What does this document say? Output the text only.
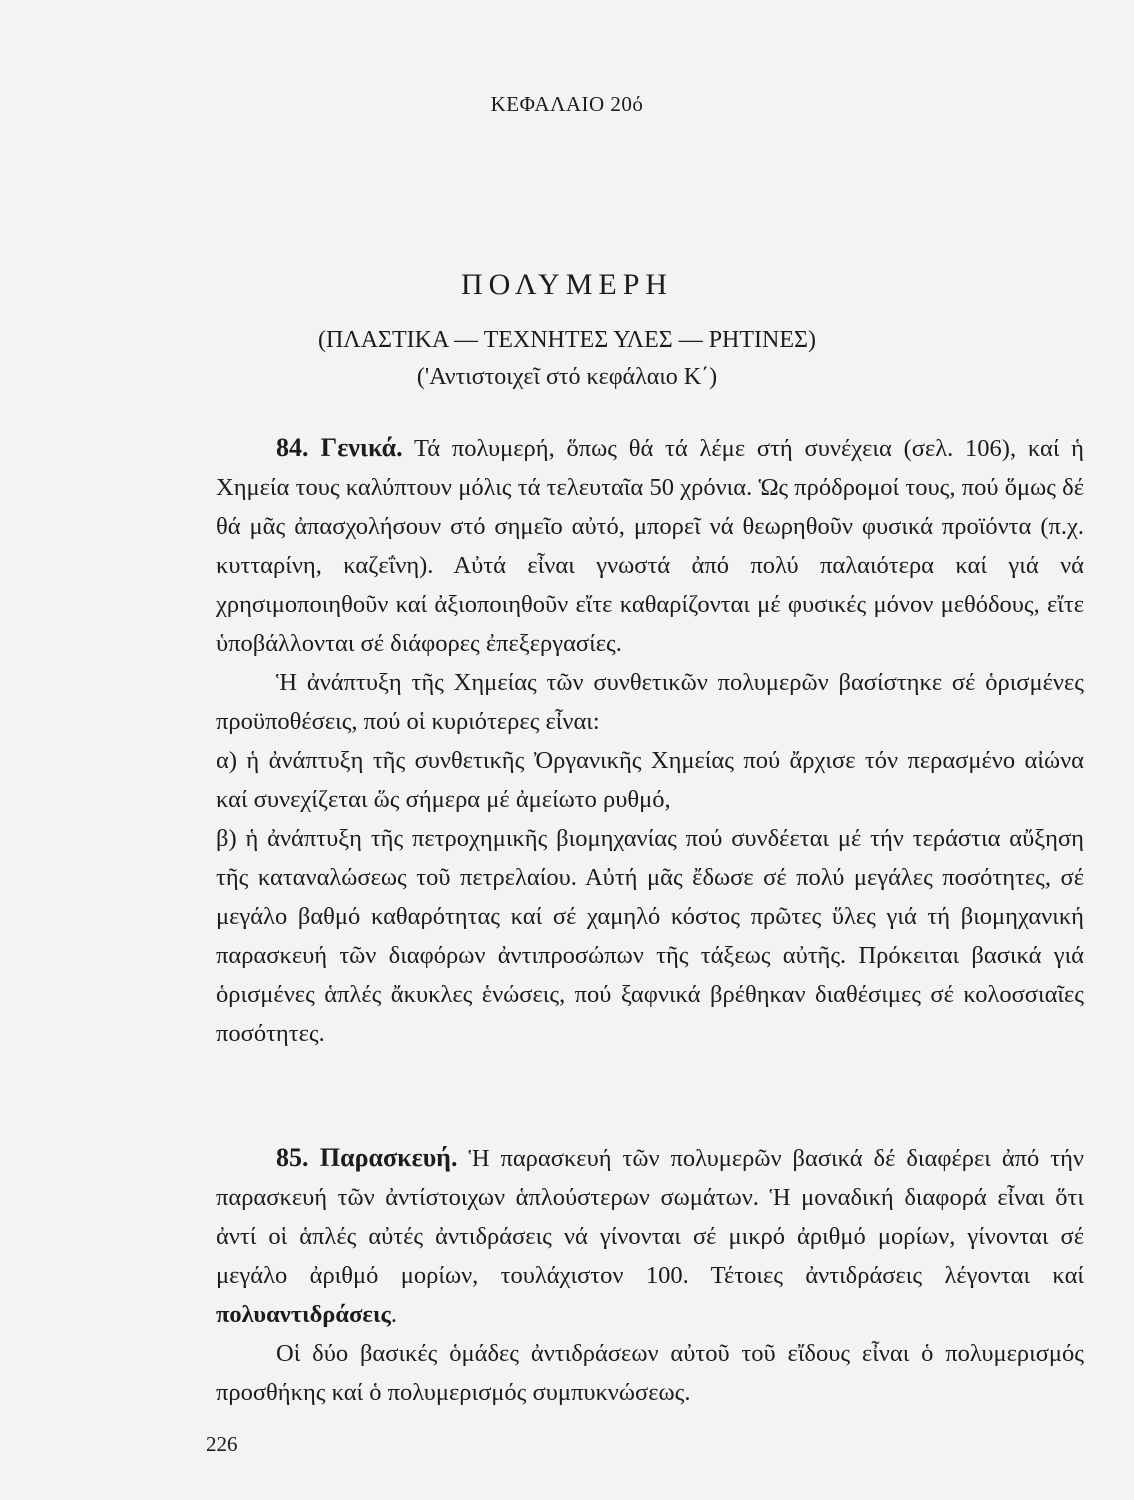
ΚΕΦΑΛΑΙΟ 20ό
ΠΟΛΥΜΕΡΗ
(ΠΛΑΣΤΙΚΑ — ΤΕΧΝΗΤΕΣ ΥΛΕΣ — ΡΗΤΙΝΕΣ)
('Αντιστοιχεῖ στό κεφάλαιο Κ΄)

84. Γενικά. Τά πολυμερή, ὅπως θά τά λέμε στή συνέχεια (σελ. 106), καί ἡ Χημεία τους καλύπτουν μόλις τά τελευταῖα 50 χρόνια. Ὡς πρόδρομοί τους, πού ὅμως δέ θά μᾶς ἀπασχολήσουν στό σημεῖο αὐτό, μπορεῖ νά θεωρηθοῦν φυσικά προϊόντα (π.χ. κυτταρίνη, καζεΐνη). Αὐτά εἶναι γνωστά ἀπό πολύ παλαιότερα καί γιά νά χρησιμοποιηθοῦν καί ἀξιοποιηθοῦν εἴτε καθαρίζονται μέ φυσικές μόνον μεθόδους, εἴτε ὑποβάλλονται σέ διάφορες ἐπεξεργασίες.

Ἡ ἀνάπτυξη τῆς Χημείας τῶν συνθετικῶν πολυμερῶν βασίστηκε σέ ὁρισμένες προϋποθέσεις, πού οἱ κυριότερες εἶναι:

α) ἡ ἀνάπτυξη τῆς συνθετικῆς Ὀργανικῆς Χημείας πού ἄρχισε τόν περασμένο αἰώνα καί συνεχίζεται ὥς σήμερα μέ ἀμείωτο ρυθμό,

β) ἡ ἀνάπτυξη τῆς πετροχημικῆς βιομηχανίας πού συνδέεται μέ τήν τεράστια αὔξηση τῆς καταναλώσεως τοῦ πετρελαίου. Αὐτή μᾶς ἔδωσε σέ πολύ μεγάλες ποσότητες, σέ μεγάλο βαθμό καθαρότητας καί σέ χαμηλό κόστος πρῶτες ὕλες γιά τή βιομηχανική παρασκευή τῶν διαφόρων ἀντιπροσώπων τῆς τάξεως αὐτῆς. Πρόκειται βασικά γιά ὁρισμένες ἁπλές ἄκυκλες ἑνώσεις, πού ξαφνικά βρέθηκαν διαθέσιμες σέ κολοσσιαῖες ποσότητες.

85. Παρασκευή. Ἡ παρασκευή τῶν πολυμερῶν βασικά δέ διαφέρει ἀπό τήν παρασκευή τῶν ἀντίστοιχων ἁπλούστερων σωμάτων. Ἡ μοναδική διαφορά εἶναι ὅτι ἀντί οἱ ἁπλές αὐτές ἀντιδράσεις νά γίνονται σέ μικρό ἀριθμό μορίων, γίνονται σέ μεγάλο ἀριθμό μορίων, τουλάχιστον 100. Τέτοιες ἀντιδράσεις λέγονται καί πολυαντιδράσεις.

Οἱ δύο βασικές ὁμάδες ἀντιδράσεων αὐτοῦ τοῦ εἴδους εἶναι ὁ πολυμερισμός προσθήκης καί ὁ πολυμερισμός συμπυκνώσεως.

226
